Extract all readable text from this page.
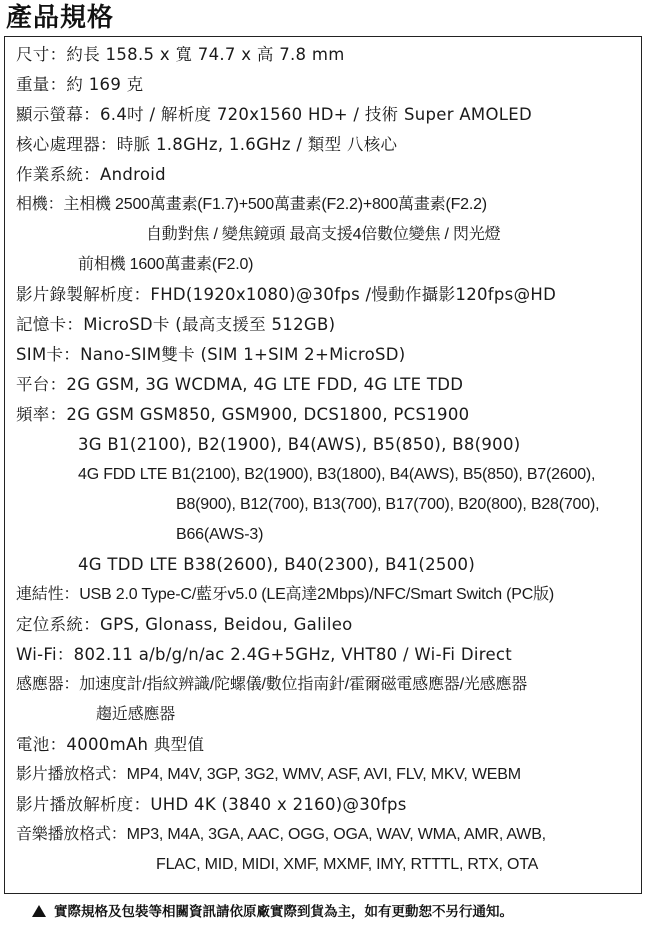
產品規格
尺寸：約長 158.5 x 寬 74.7 x 高 7.8 mm
重量：約 169 克
顯示螢幕：6.4吋 / 解析度 720x1560 HD+ / 技術 Super AMOLED
核心處理器：時脈 1.8GHz, 1.6GHz / 類型 八核心
作業系統：Android
相機：主相機 2500萬畫素(F1.7)+500萬畫素(F2.2)+800萬畫素(F2.2)
自動對焦 / 變焦鏡頭 最高支援4倍數位變焦 / 閃光燈
前相機 1600萬畫素(F2.0)
影片錄製解析度：FHD(1920x1080)@30fps /慢動作攝影120fps@HD
記憶卡：MicroSD卡 (最高支援至 512GB)
SIM卡：Nano-SIM雙卡 (SIM 1+SIM 2+MicroSD)
平台：2G GSM, 3G WCDMA, 4G LTE FDD, 4G LTE TDD
頻率：2G GSM GSM850, GSM900, DCS1800, PCS1900
3G B1(2100), B2(1900), B4(AWS), B5(850), B8(900)
4G FDD LTE B1(2100), B2(1900), B3(1800), B4(AWS), B5(850), B7(2600),
B8(900), B12(700), B13(700), B17(700), B20(800), B28(700),
B66(AWS-3)
4G TDD LTE B38(2600), B40(2300), B41(2500)
連結性：USB 2.0 Type-C/藍牙v5.0 (LE高達2Mbps)/NFC/Smart Switch (PC版)
定位系統：GPS, Glonass, Beidou, Galileo
Wi-Fi：802.11 a/b/g/n/ac 2.4G+5GHz, VHT80 / Wi-Fi Direct
感應器：加速度計/指紋辨識/陀螺儀/數位指南針/霍爾磁電感應器/光感應器
趨近感應器
電池：4000mAh 典型值
影片播放格式：MP4, M4V, 3GP, 3G2, WMV, ASF, AVI, FLV, MKV, WEBM
影片播放解析度：UHD 4K (3840 x 2160)@30fps
音樂播放格式：MP3, M4A, 3GA, AAC, OGG, OGA, WAV, WMA, AMR, AWB,
FLAC, MID, MIDI, XMF, MXMF, IMY, RTTTL, RTX, OTA
實際規格及包裝等相關資訊請依原廠實際到貨為主，如有更動恕不另行通知。
